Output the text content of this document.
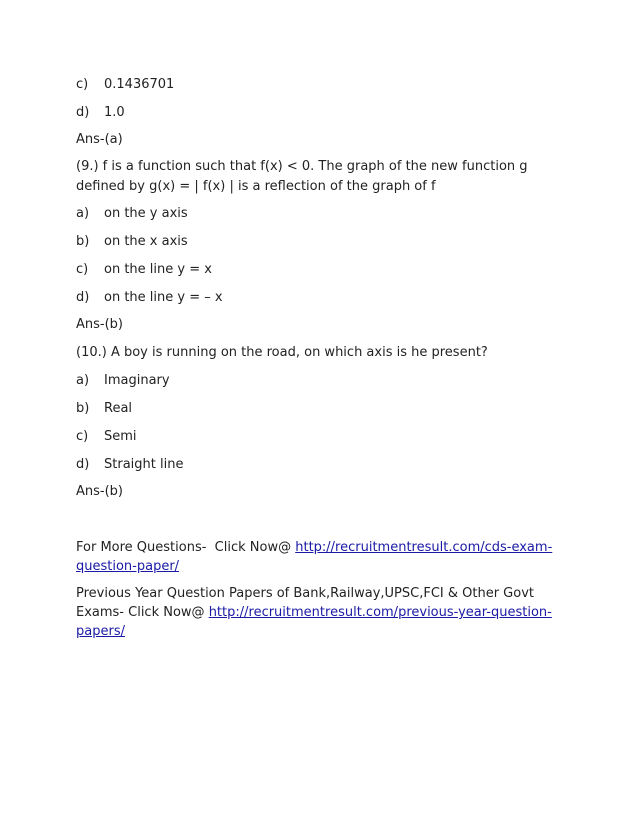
c) 0.1436701
d) 1.0
Ans-(a)
(9.) f is a function such that f(x) < 0. The graph of the new function g
defined by g(x) = | f(x) | is a reflection of the graph of f
a) on the y axis
b) on the x axis
c) on the line y = x
d) on the line y = – x
Ans-(b)
(10.) A boy is running on the road, on which axis is he present?
a) Imaginary
b) Real
c) Semi
d) Straight line
Ans-(b)
For More Questions-  Click Now@ http://recruitmentresult.com/cds-exam-
question-paper/
Previous Year Question Papers of Bank,Railway,UPSC,FCI & Other Govt
Exams- Click Now@ http://recruitmentresult.com/previous-year-question-
papers/
